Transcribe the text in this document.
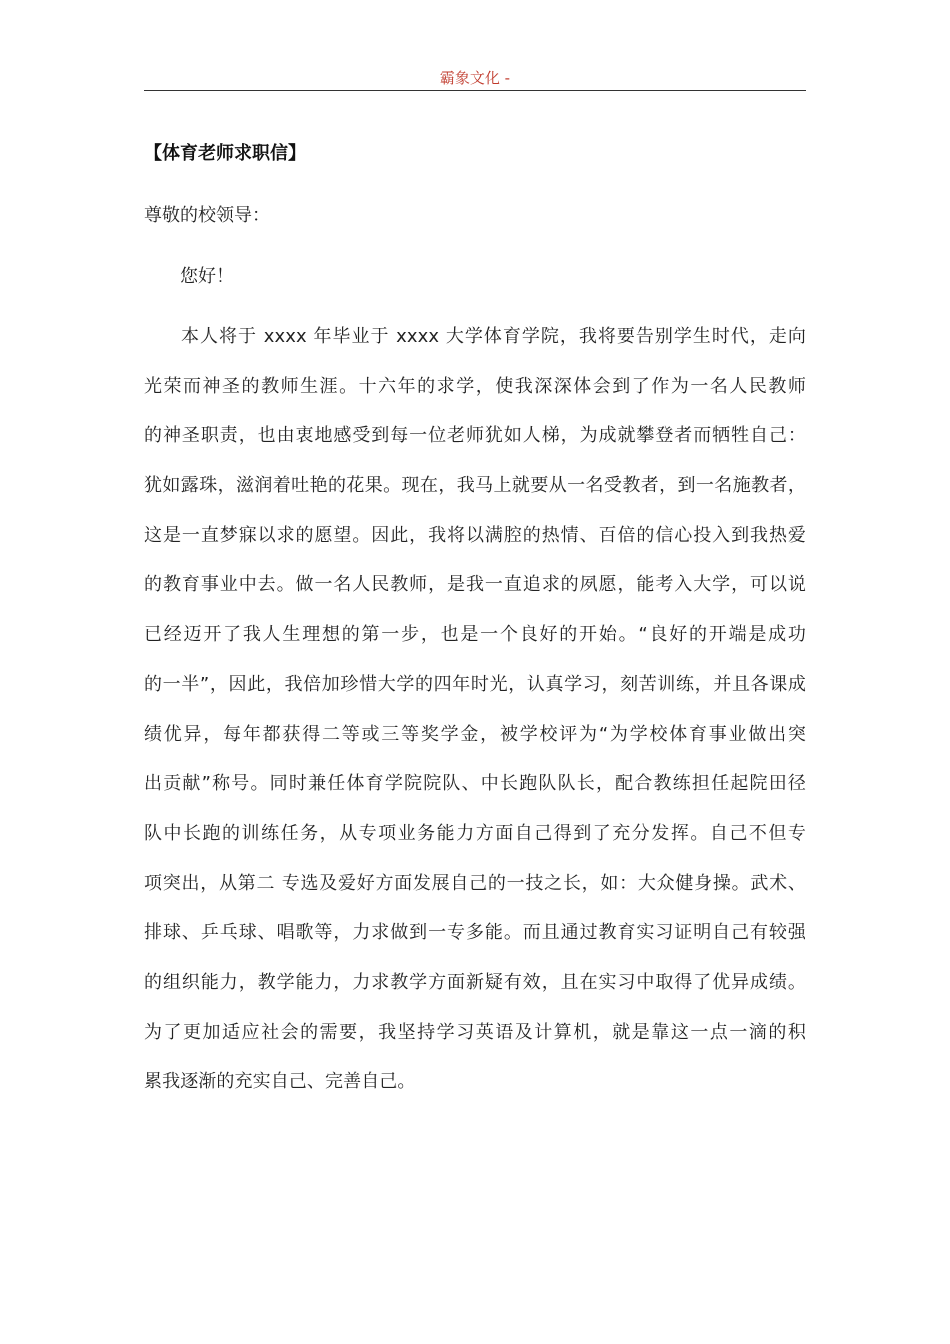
霸象文化 -
【体育老师求职信】
尊敬的校领导：
您好！
本人将于 xxxx 年毕业于 xxxx 大学体育学院，我将要告别学生时代，走向
光荣而神圣的教师生涯。十六年的求学，使我深深体会到了作为一名人民教师
的神圣职责，也由衷地感受到每一位老师犹如人梯，为成就攀登者而牺牲自己：
犹如露珠，滋润着吐艳的花果。现在，我马上就要从一名受教者，到一名施教者，
这是一直梦寐以求的愿望。因此，我将以满腔的热情、百倍的信心投入到我热爱
的教育事业中去。做一名人民教师，是我一直追求的夙愿，能考入大学，可以说
已经迈开了我人生理想的第一步，也是一个良好的开始。“良好的开端是成功
的一半”，因此，我倍加珍惜大学的四年时光，认真学习，刻苦训练，并且各课成
绩优异，每年都获得二等或三等奖学金，被学校评为“为学校体育事业做出突
出贡献”称号。同时兼任体育学院院队、中长跑队队长，配合教练担任起院田径
队中长跑的训练任务，从专项业务能力方面自己得到了充分发挥。自己不但专
项突出，从第二 专选及爱好方面发展自己的一技之长，如：大众健身操。武术、
排球、乒乓球、唱歌等，力求做到一专多能。而且通过教育实习证明自己有较强
的组织能力，教学能力，力求教学方面新疑有效，且在实习中取得了优异成绩。
为了更加适应社会的需要，我坚持学习英语及计算机，就是靠这一点一滴的积
累我逐渐的充实自己、完善自己。
